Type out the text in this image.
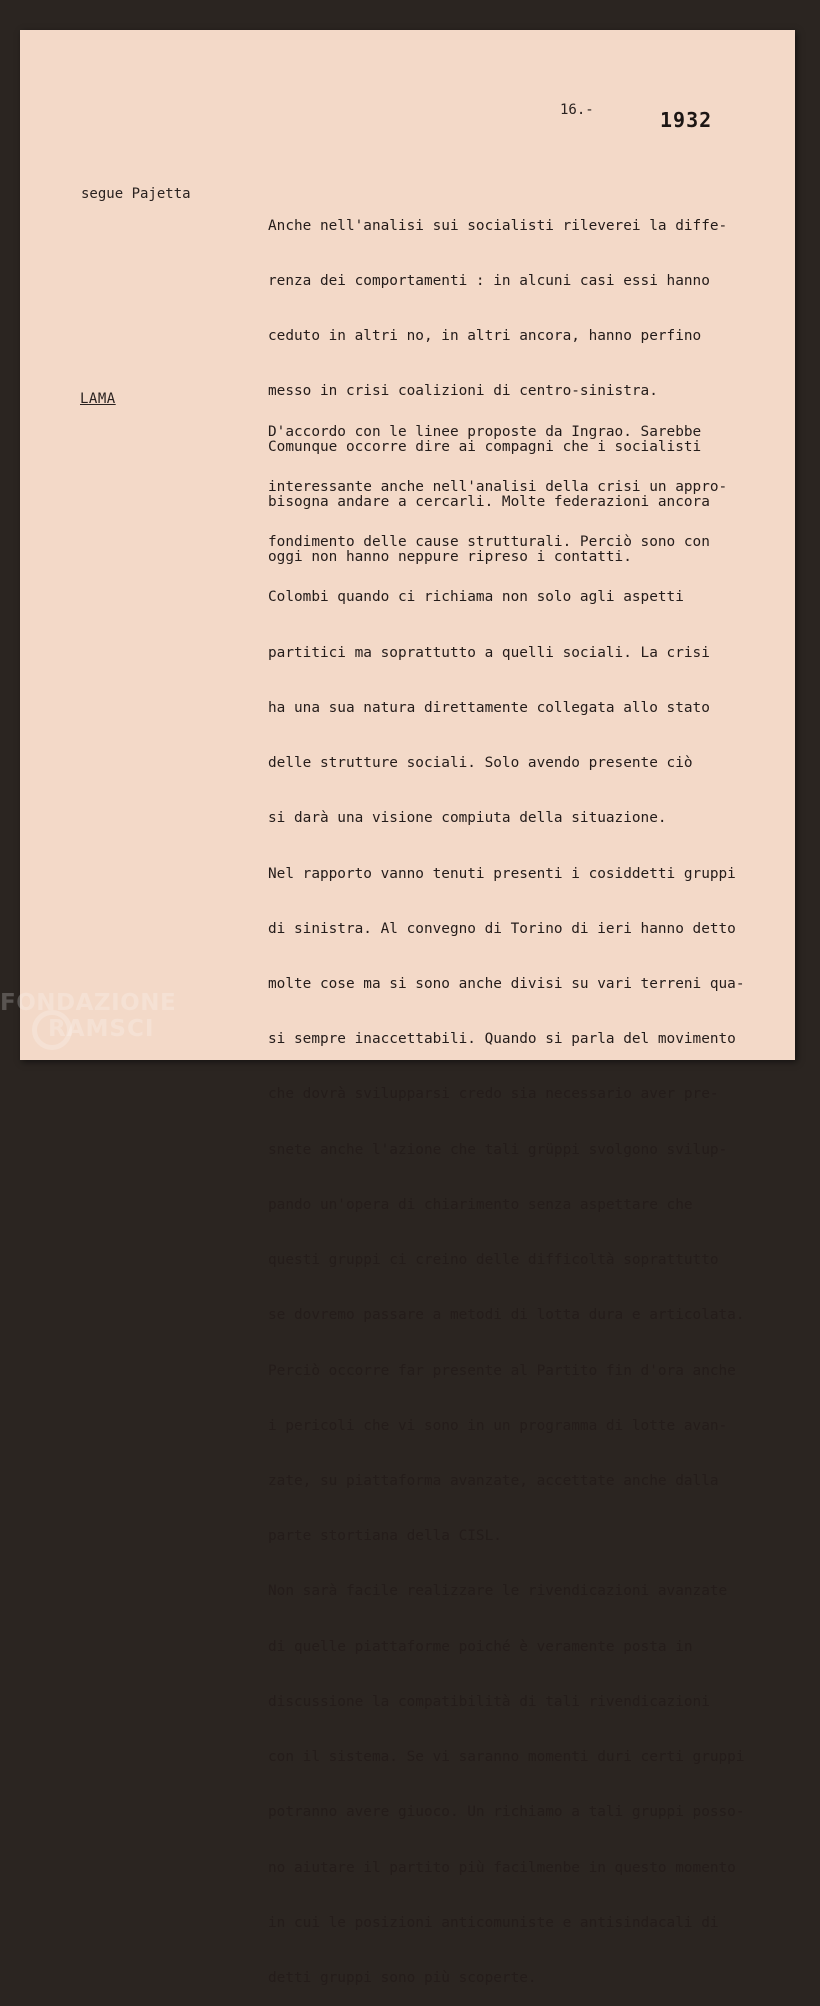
16.-	1932
segue Pajetta

Anche nell'analisi sui socialisti rileverei la diffe-

renza dei comportamenti : in alcuni casi essi hanno

ceduto in altri no, in altri ancora, hanno perfino

messo in crisi coalizioni di centro-sinistra.

Comunque occorre dire ai compagni che i socialisti

bisogna andare a cercarli. Molte federazioni ancora

oggi non hanno neppure ripreso i contatti.

LAMA

D'accordo con le linee proposte da Ingrao. Sarebbe

interessante anche nell'analisi della crisi un appro-

fondimento delle cause strutturali. Perciò sono con

Colombi quando ci richiama non solo agli aspetti

partitici ma soprattutto a quelli sociali. La crisi

ha una sua natura direttamente collegata allo stato

delle strutture sociali. Solo avendo presente ciò

si darà una visione compiuta della situazione.

Nel rapporto vanno tenuti presenti i cosiddetti gruppi

di sinistra. Al convegno di Torino di ieri hanno detto

molte cose ma si sono anche divisi su vari terreni qua-

si sempre inaccettabili. Quando si parla del movimento

che dovrà svilupparsi credo sia necessario aver pre-

snete anche l'azione che tali grüppi svolgono svilup-

pando un'opera di chiarimento senza aspettare che

questi gruppi ci creino delle difficoltà soprattutto

se dovremo passare a metodi di lotta dura e articolata.

Perciò occorre far presente al Partito fin d'ora anche

i pericoli che vi sono in un programma di lotte avan-

zate, su piattaforma avanzate, accettate anche dalla

parte stortiana della CISL.

Non sarà facile realizzare le rivendicazioni avanzate

di quelle piattaforme poiché è veramente posta in

discussione la compatibilità di tali rivendicazioni

con il sistema. Se vi saranno momenti duri certi gruppi

potranno avere giuoco. Un richiamo a tali gruppi posso-

no aiutare il partito più facilmenbe in questo momento

in cui le posizioni anticomuniste e antisindacali di

detti gruppi sono più scoperte.

FONDAZIONE
RAMSCI
